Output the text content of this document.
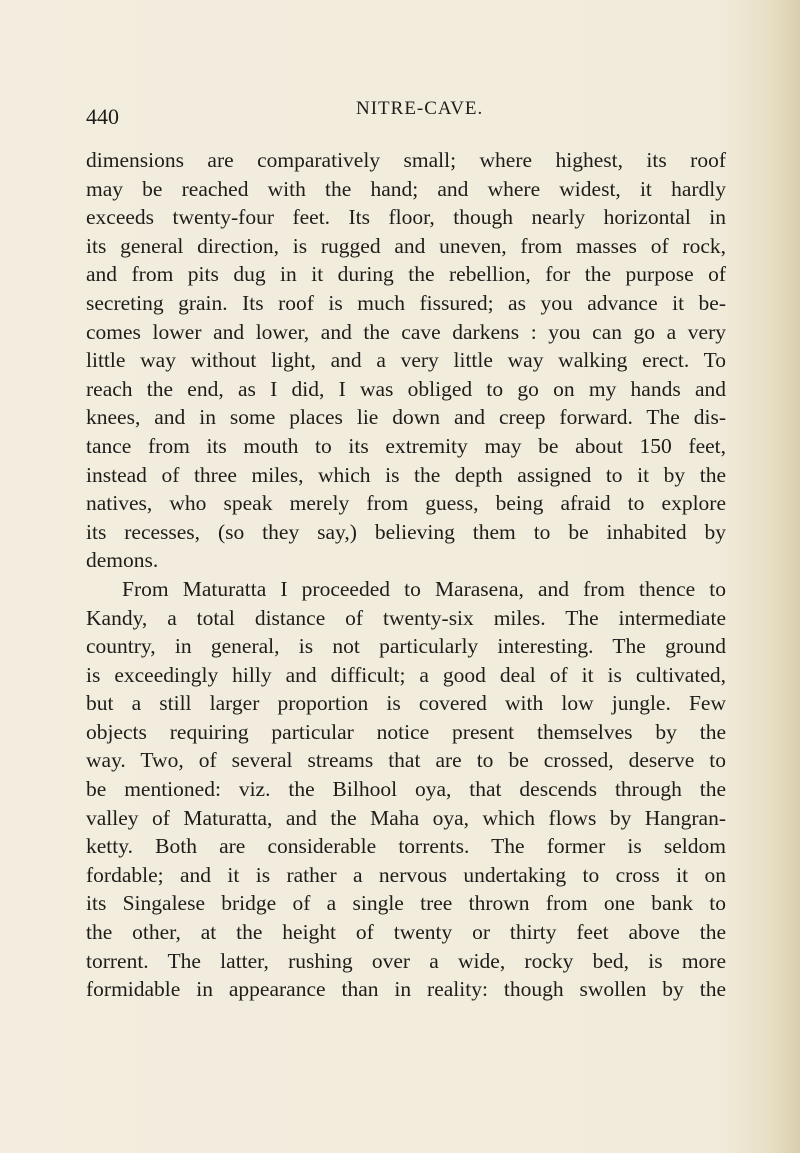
440	NITRE-CAVE.
dimensions are comparatively small; where highest, its roof
may be reached with the hand; and where widest, it hardly
exceeds twenty-four feet. Its floor, though nearly horizontal in
its general direction, is rugged and uneven, from masses of rock,
and from pits dug in it during the rebellion, for the purpose of
secreting grain. Its roof is much fissured; as you advance it be-
comes lower and lower, and the cave darkens : you can go a very
little way without light, and a very little way walking erect. To
reach the end, as I did, I was obliged to go on my hands and
knees, and in some places lie down and creep forward. The dis-
tance from its mouth to its extremity may be about 150 feet,
instead of three miles, which is the depth assigned to it by the
natives, who speak merely from guess, being afraid to explore
its recesses, (so they say,) believing them to be inhabited by
demons.
From Maturatta I proceeded to Marasena, and from thence to
Kandy, a total distance of twenty-six miles. The intermediate
country, in general, is not particularly interesting. The ground
is exceedingly hilly and difficult; a good deal of it is cultivated,
but a still larger proportion is covered with low jungle. Few
objects requiring particular notice present themselves by the
way. Two, of several streams that are to be crossed, deserve to
be mentioned: viz. the Bilhool oya, that descends through the
valley of Maturatta, and the Maha oya, which flows by Hangran-
ketty. Both are considerable torrents. The former is seldom
fordable; and it is rather a nervous undertaking to cross it on
its Singalese bridge of a single tree thrown from one bank to
the other, at the height of twenty or thirty feet above the
torrent. The latter, rushing over a wide, rocky bed, is more
formidable in appearance than in reality: though swollen by the
